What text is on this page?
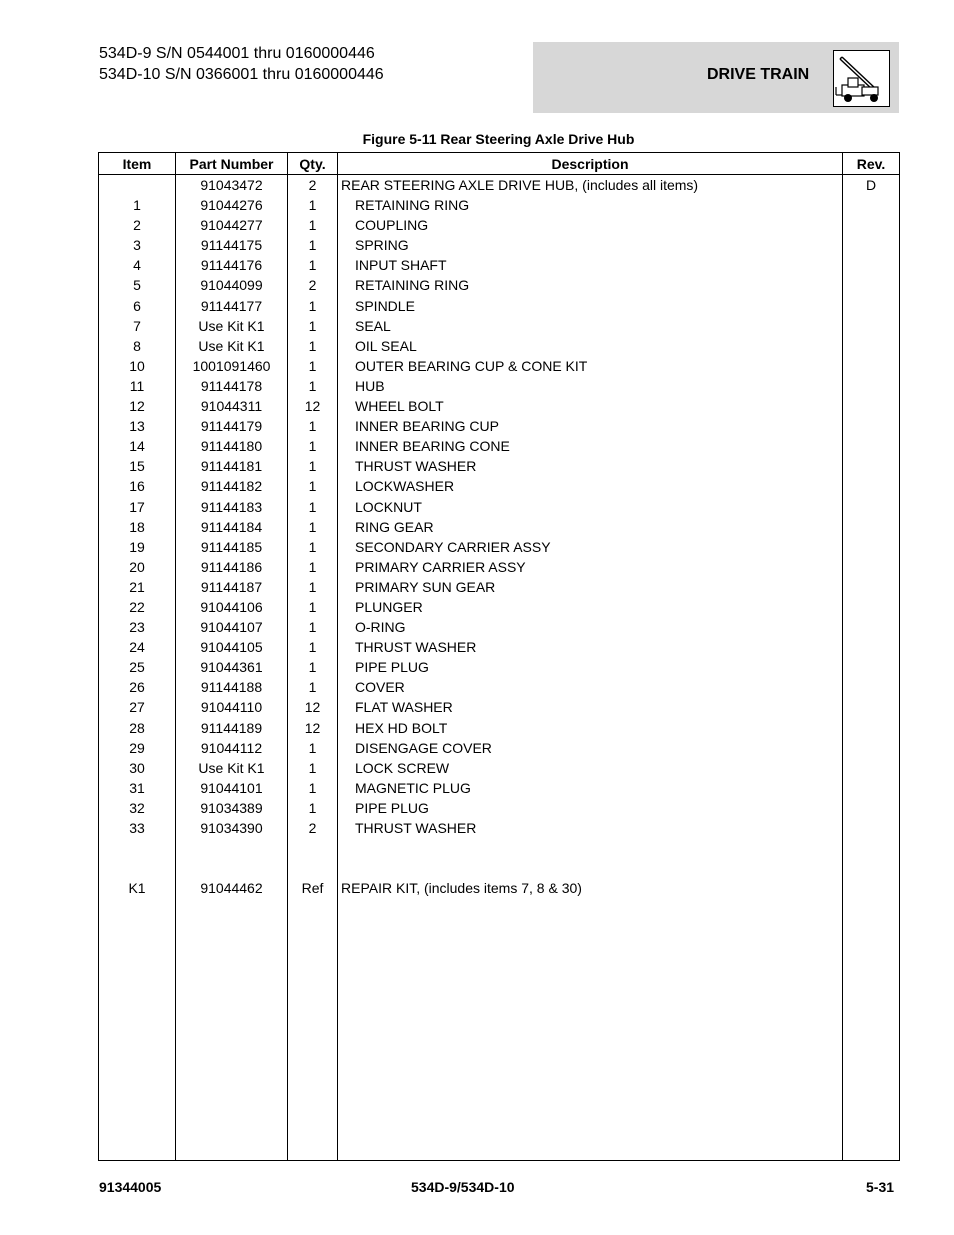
534D-9 S/N 0544001 thru 0160000446
534D-10 S/N 0366001 thru 0160000446	DRIVE TRAIN
Figure 5-11 Rear Steering Axle Drive Hub
Item	Part Number	Qty.	Description	Rev.
	91043472	2	REAR STEERING AXLE DRIVE HUB, (includes all items)	D
1	91044276	1	RETAINING RING	
2	91044277	1	COUPLING	
3	91144175	1	SPRING	
4	91144176	1	INPUT SHAFT	
5	91044099	2	RETAINING RING	
6	91144177	1	SPINDLE	
7	Use Kit K1	1	SEAL	
8	Use Kit K1	1	OIL SEAL	
10	1001091460	1	OUTER BEARING CUP & CONE KIT	
11	91144178	1	HUB	
12	91044311	12	WHEEL BOLT	
13	91144179	1	INNER BEARING CUP	
14	91144180	1	INNER BEARING CONE	
15	91144181	1	THRUST WASHER	
16	91144182	1	LOCKWASHER	
17	91144183	1	LOCKNUT	
18	91144184	1	RING GEAR	
19	91144185	1	SECONDARY CARRIER ASSY	
20	91144186	1	PRIMARY CARRIER ASSY	
21	91144187	1	PRIMARY SUN GEAR	
22	91044106	1	PLUNGER	
23	91044107	1	O-RING	
24	91044105	1	THRUST WASHER	
25	91044361	1	PIPE PLUG	
26	91144188	1	COVER	
27	91044110	12	FLAT WASHER	
28	91144189	12	HEX HD BOLT	
29	91044112	1	DISENGAGE COVER	
30	Use Kit K1	1	LOCK SCREW	
31	91044101	1	MAGNETIC PLUG	
32	91034389	1	PIPE PLUG	
33	91034390	2	THRUST WASHER	

K1	91044462	Ref	REPAIR KIT, (includes items 7, 8 & 30)	

91344005	534D-9/534D-10	5-31
